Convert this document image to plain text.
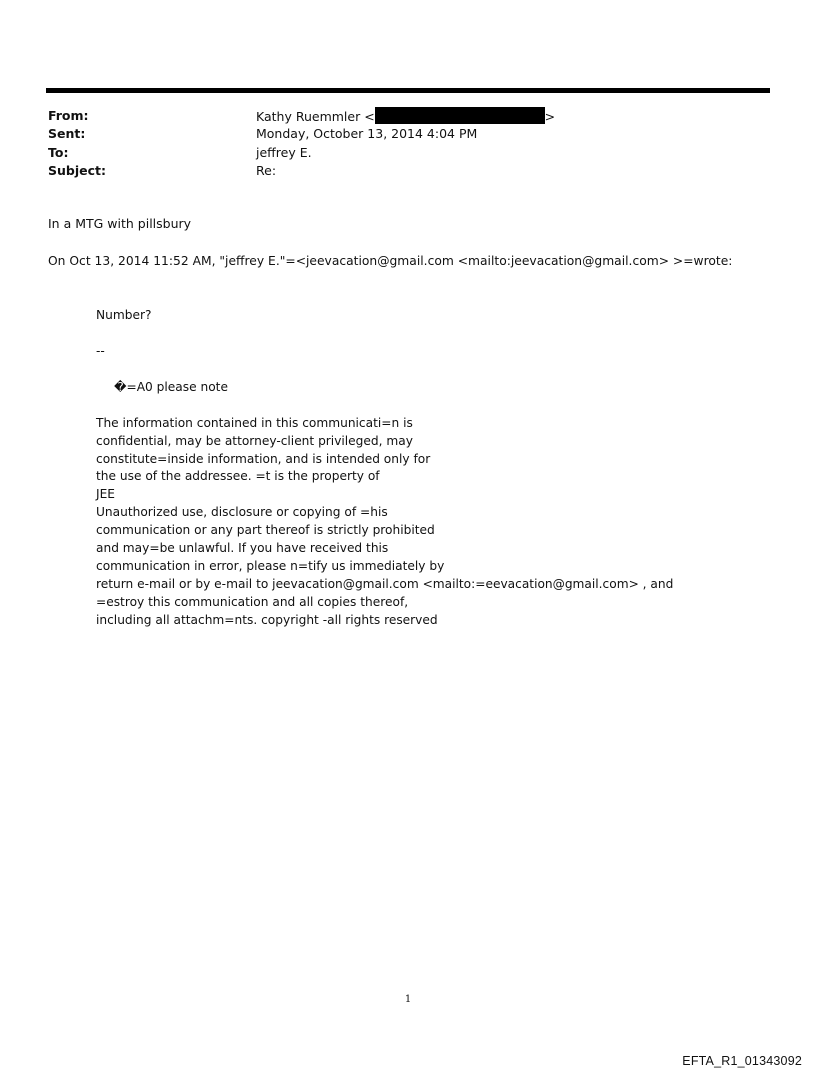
From:	Kathy Ruemmler <	>
Sent:	Monday, October 13, 2014 4:04 PM
To:	jeffrey E.
Subject:	Re:
In a MTG with pillsbury
On Oct 13, 2014 11:52 AM, "jeffrey E."=<jeevacation@gmail.com <mailto:jeevacation@gmail.com> >=wrote:
Number?
--
�=A0 please note
The information contained in this communicati=n is
confidential, may be attorney-client privileged, may
constitute=inside information, and is intended only for
the use of the addressee. =t is the property of
JEE
Unauthorized use, disclosure or copying of =his
communication or any part thereof is strictly prohibited
and may=be unlawful. If you have received this
communication in error, please n=tify us immediately by
return e-mail or by e-mail to jeevacation@gmail.com <mailto:=eevacation@gmail.com> , and
=estroy this communication and all copies thereof,
including all attachm=nts. copyright -all rights reserved
1
EFTA_R1_01343092
